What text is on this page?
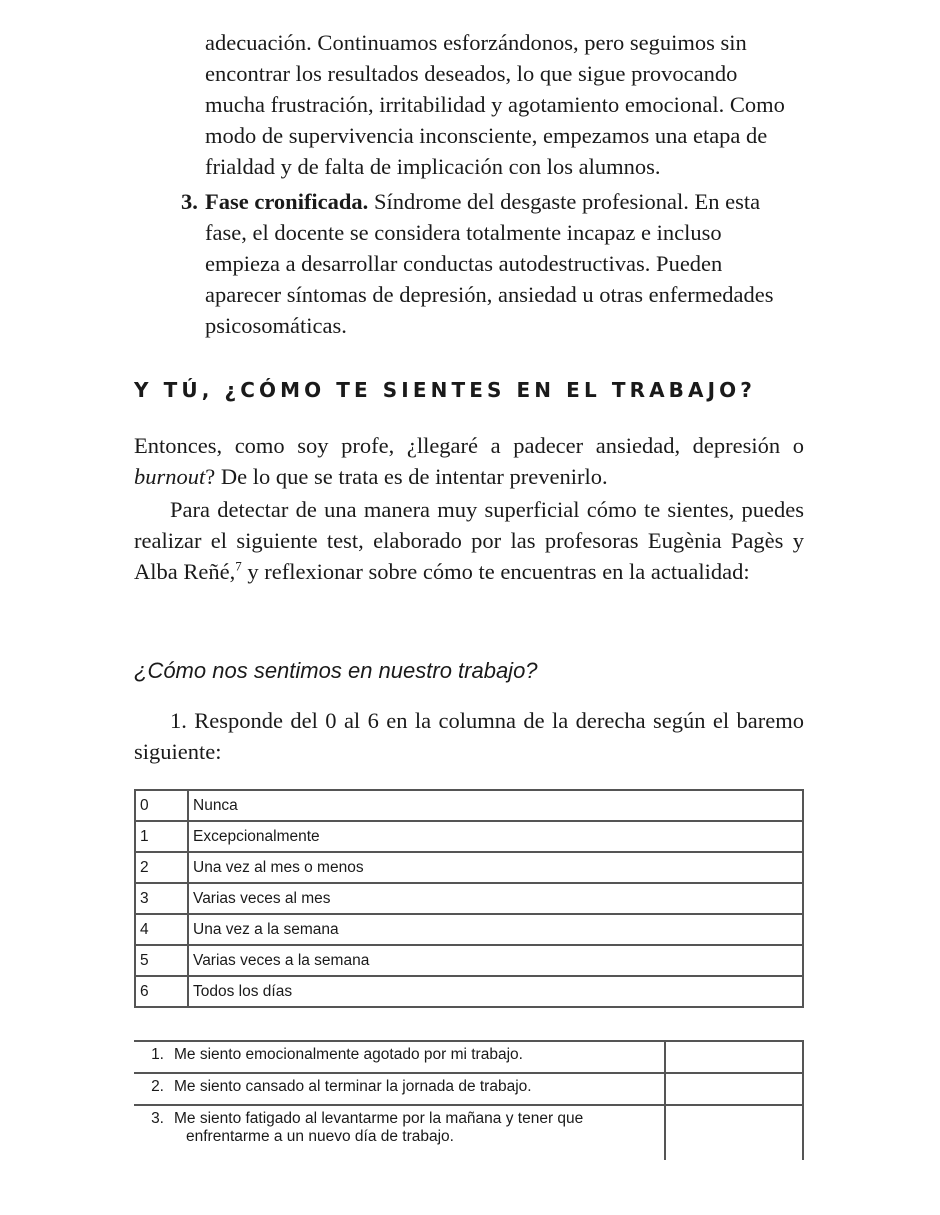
adecuación. Continuamos esforzándonos, pero seguimos sin
encontrar los resultados deseados, lo que sigue provocando
mucha frustración, irritabilidad y agotamiento emocional. Como
modo de supervivencia inconsciente, empezamos una etapa de
frialdad y de falta de implicación con los alumnos.
3. Fase cronificada. Síndrome del desgaste profesional. En esta
fase, el docente se considera totalmente incapaz e incluso
empieza a desarrollar conductas autodestructivas. Pueden
aparecer síntomas de depresión, ansiedad u otras enfermedades
psicosomáticas.
Y TÚ, ¿CÓMO TE SIENTES EN EL TRABAJO?
Entonces, como soy profe, ¿llegaré a padecer ansiedad, depresión o burnout? De lo que se trata es de intentar prevenirlo.
Para detectar de una manera muy superficial cómo te sientes, puedes realizar el siguiente test, elaborado por las profesoras Eugènia Pagès y Alba Reñé,$^7$ y reflexionar sobre cómo te encuentras en la actualidad:
¿Cómo nos sentimos en nuestro trabajo?
1. Responde del 0 al 6 en la columna de la derecha según el baremo siguiente:
0	Nunca
1	Excepcionalmente
2	Una vez al mes o menos
3	Varias veces al mes
4	Una vez a la semana
5	Varias veces a la semana
6	Todos los días
1. Me siento emocionalmente agotado por mi trabajo.	
2. Me siento cansado al terminar la jornada de trabajo.	
3. Me siento fatigado al levantarme por la mañana y tener que
enfrentarme a un nuevo día de trabajo.	
